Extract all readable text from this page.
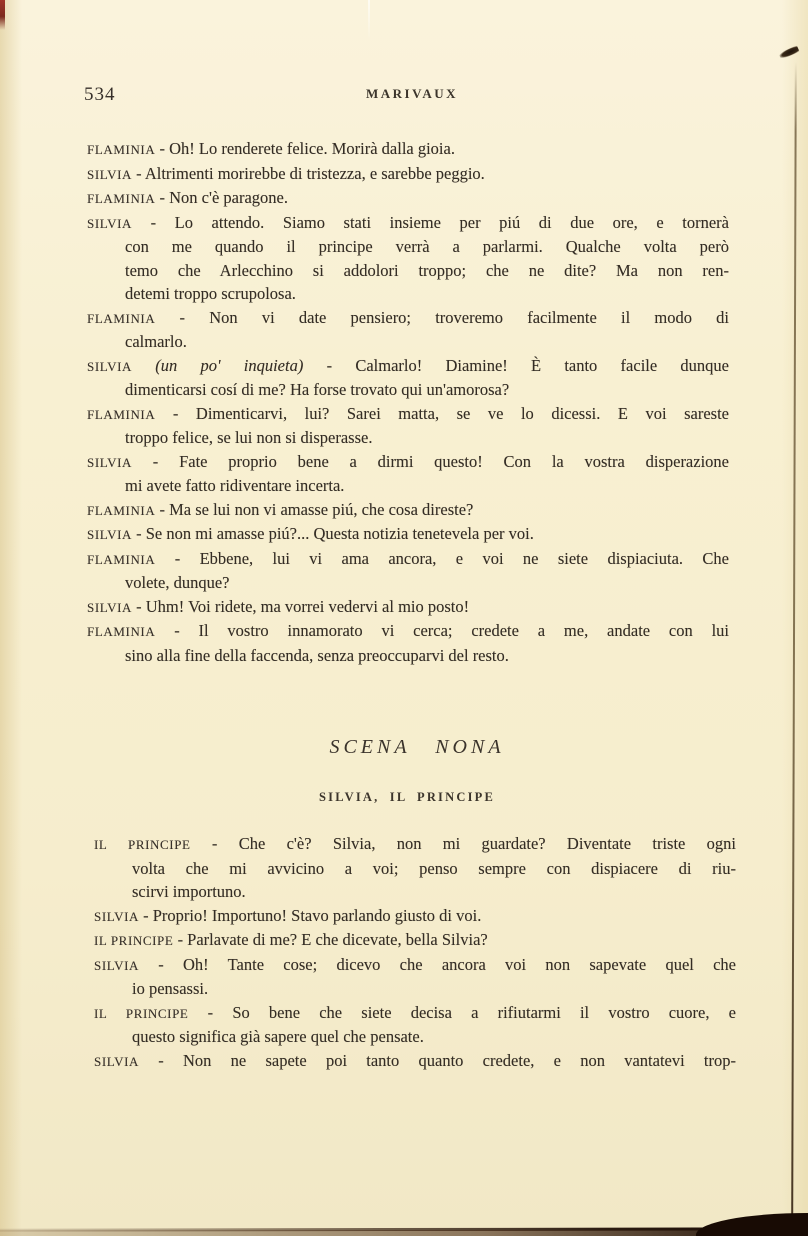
534	MARIVAUX
FLAMINIA - Oh! Lo renderete felice. Morirà dalla gioia.
SILVIA - Altrimenti morirebbe di tristezza, e sarebbe peggio.
FLAMINIA - Non c'è paragone.
SILVIA - Lo attendo. Siamo stati insieme per piú di due ore, e tornerà
con me quando il principe verrà a parlarmi. Qualche volta però
temo che Arlecchino si addolori troppo; che ne dite? Ma non ren-
detemi troppo scrupolosa.
FLAMINIA - Non vi date pensiero; troveremo facilmente il modo di
calmarlo.
SILVIA (un po' inquieta) - Calmarlo! Diamine! È tanto facile dunque
dimenticarsi cosí di me? Ha forse trovato qui un'amorosa?
FLAMINIA - Dimenticarvi, lui? Sarei matta, se ve lo dicessi. E voi sareste
troppo felice, se lui non si disperasse.
SILVIA - Fate proprio bene a dirmi questo! Con la vostra disperazione
mi avete fatto ridiventare incerta.
FLAMINIA - Ma se lui non vi amasse piú, che cosa direste?
SILVIA - Se non mi amasse piú?... Questa notizia tenetevela per voi.
FLAMINIA - Ebbene, lui vi ama ancora, e voi ne siete dispiaciuta. Che
volete, dunque?
SILVIA - Uhm! Voi ridete, ma vorrei vedervi al mio posto!
FLAMINIA - Il vostro innamorato vi cerca; credete a me, andate con lui
sino alla fine della faccenda, senza preoccuparvi del resto.
SCENA NONA
SILVIA, IL PRINCIPE
IL PRINCIPE - Che c'è? Silvia, non mi guardate? Diventate triste ogni
volta che mi avvicino a voi; penso sempre con dispiacere di riu-
scirvi importuno.
SILVIA - Proprio! Importuno! Stavo parlando giusto di voi.
IL PRINCIPE - Parlavate di me? E che dicevate, bella Silvia?
SILVIA - Oh! Tante cose; dicevo che ancora voi non sapevate quel che
io pensassi.
IL PRINCIPE - So bene che siete decisa a rifiutarmi il vostro cuore, e
questo significa già sapere quel che pensate.
SILVIA - Non ne sapete poi tanto quanto credete, e non vantatevi trop-
